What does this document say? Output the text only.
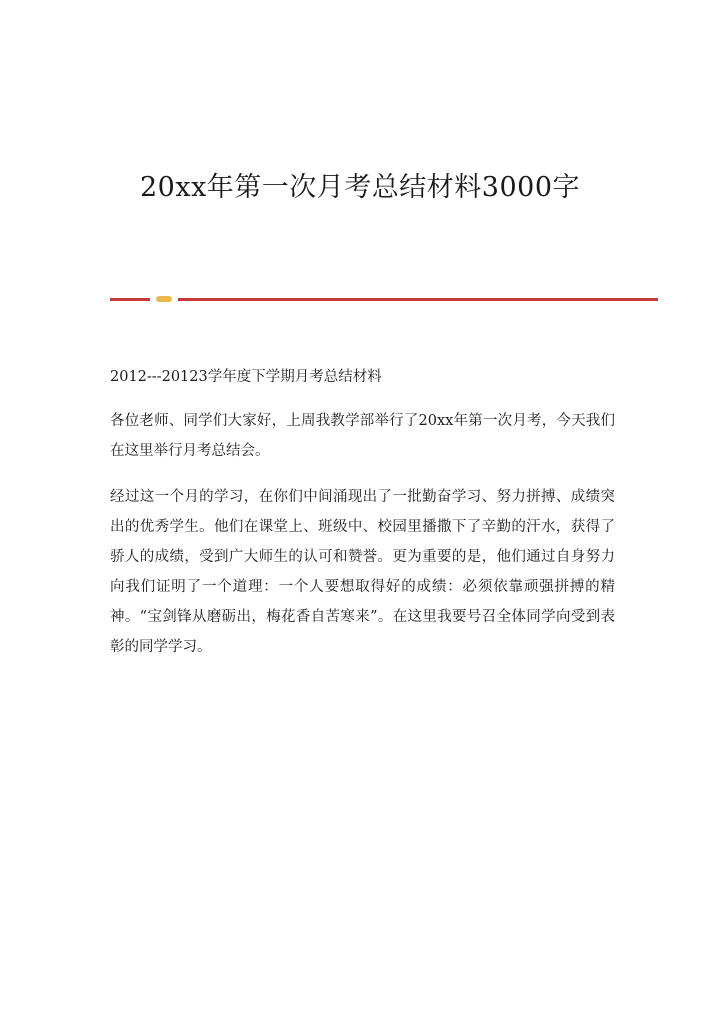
20xx年第一次月考总结材料3000字

2012---20123学年度下学期月考总结材料

各位老师、同学们大家好，上周我教学部举行了20xx年第一次月考，今天我们在这里举行月考总结会。

经过这一个月的学习，在你们中间涌现出了一批勤奋学习、努力拼搏、成绩突出的优秀学生。他们在课堂上、班级中、校园里播撒下了辛勤的汗水，获得了骄人的成绩，受到广大师生的认可和赞誉。更为重要的是，他们通过自身努力向我们证明了一个道理：一个人要想取得好的成绩：必须依靠顽强拼搏的精神。“宝剑锋从磨砺出，梅花香自苦寒来”。在这里我要号召全体同学向受到表彰的同学学习。
